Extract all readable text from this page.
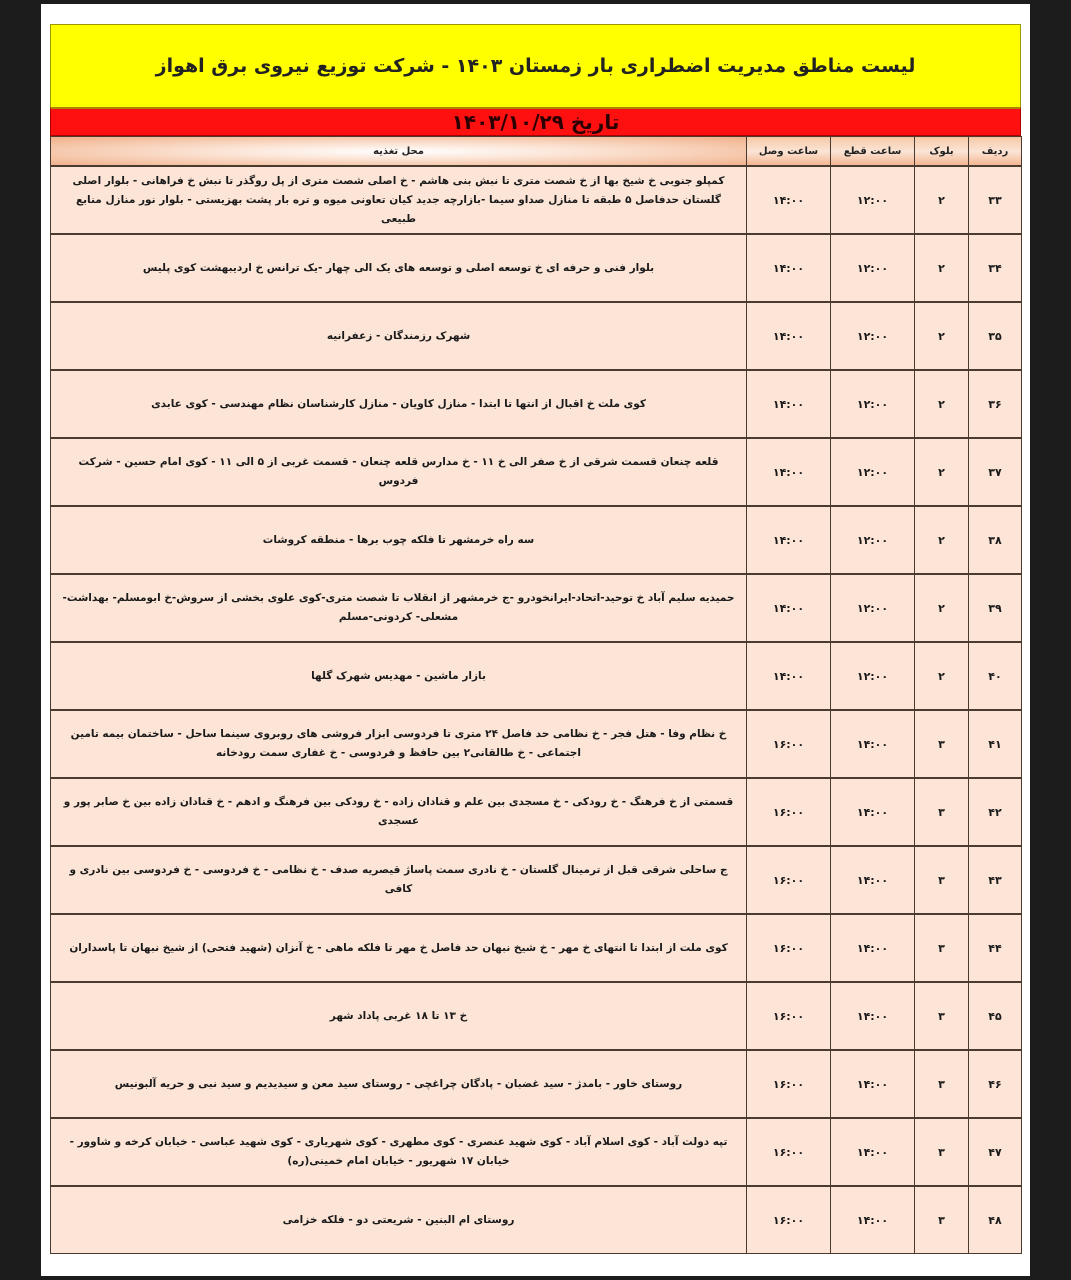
لیست مناطق مدیریت اضطراری بار زمستان ۱۴۰۳ - شرکت توزیع نیروی برق اهواز
تاریخ ۱۴۰۳/۱۰/۲۹
ردیف	بلوک	ساعت قطع	ساعت وصل	محل تغذیه
۳۳	۲	۱۲:۰۰	۱۴:۰۰	کمپلو جنوبی خ شیخ بها از خ شصت متری تا نبش بنی هاشم - خ اصلی شصت متری از پل روگذر تا نبش خ فراهانی - بلوار اصلی گلستان حدفاصل ۵ طبقه تا منازل صداو سیما -بازارچه جدید کیان تعاونی میوه و تره بار پشت بهزیستی - بلوار نور منازل منابع طبیعی
۳۴	۲	۱۲:۰۰	۱۴:۰۰	بلوار فنی و حرفه ای خ توسعه اصلی و توسعه های یک الی چهار -یک ترانس خ اردیبهشت کوی پلیس
۳۵	۲	۱۲:۰۰	۱۴:۰۰	شهرک رزمندگان - زعفرانیه
۳۶	۲	۱۲:۰۰	۱۴:۰۰	کوی ملت خ اقبال از انتها تا ابتدا - منازل کاویان - منازل کارشناسان نظام مهندسی - کوی عابدی
۳۷	۲	۱۲:۰۰	۱۴:۰۰	قلعه چنعان قسمت شرقی از خ صفر الی خ ۱۱ - خ مدارس قلعه چنعان - قسمت غربی از ۵ الی ۱۱ - کوی امام حسین - شرکت فردوس
۳۸	۲	۱۲:۰۰	۱۴:۰۰	سه راه خرمشهر تا فلکه چوب برها - منطقه کروشات
۳۹	۲	۱۲:۰۰	۱۴:۰۰	حمیدیه سلیم آباد خ توحید-اتحاد-ایرانخودرو -ج خرمشهر از انقلاب تا شصت متری-کوی علوی بخشی از سروش-خ ابومسلم- بهداشت- مشعلی- کردونی-مسلم
۴۰	۲	۱۲:۰۰	۱۴:۰۰	بازار ماشین - مهدیس شهرک گلها
۴۱	۳	۱۴:۰۰	۱۶:۰۰	خ نظام وفا - هتل فجر - خ نظامی حد فاصل ۲۴ متری تا فردوسی ابزار فروشی های روبروی سینما ساحل - ساختمان بیمه تامین اجتماعی - خ طالقانی۲ بین حافظ و فردوسی - خ غفاری سمت رودخانه
۴۲	۳	۱۴:۰۰	۱۶:۰۰	قسمتی از خ فرهنگ - خ رودکی - خ مسجدی بین علم و قنادان زاده - خ رودکی بین فرهنگ و ادهم - خ قنادان زاده بین خ صابر پور و عسجدی
۴۳	۳	۱۴:۰۰	۱۶:۰۰	ج ساحلی شرقی قبل از ترمینال گلستان - خ نادری سمت پاساژ قیصریه صدف - خ نظامی - خ فردوسی - خ فردوسی بین نادری و کافی
۴۴	۳	۱۴:۰۰	۱۶:۰۰	کوی ملت از ابتدا تا انتهای خ مهر - خ شیخ نبهان حد فاصل خ مهر تا فلکه ماهی - خ آنزان (شهید فتحی) از شیخ نبهان تا پاسداران
۴۵	۳	۱۴:۰۰	۱۶:۰۰	خ ۱۳ تا ۱۸ غربی پاداد شهر
۴۶	۳	۱۴:۰۰	۱۶:۰۰	روستای خاور - بامدژ - سید غضبان - پادگان چراغچی - روستای سید معن و سیدیدیم و سید نبی و حریه آلبونیس
۴۷	۳	۱۴:۰۰	۱۶:۰۰	تپه دولت آباد - کوی اسلام آباد - کوی شهید عنصری - کوی مطهری - کوی شهریاری - کوی شهید عباسی - خیابان کرخه و شاوور - خیابان ۱۷ شهریور - خیابان امام خمینی(ره)
۴۸	۳	۱۴:۰۰	۱۶:۰۰	روستای ام البنین - شریعتی دو - فلکه خزامی
